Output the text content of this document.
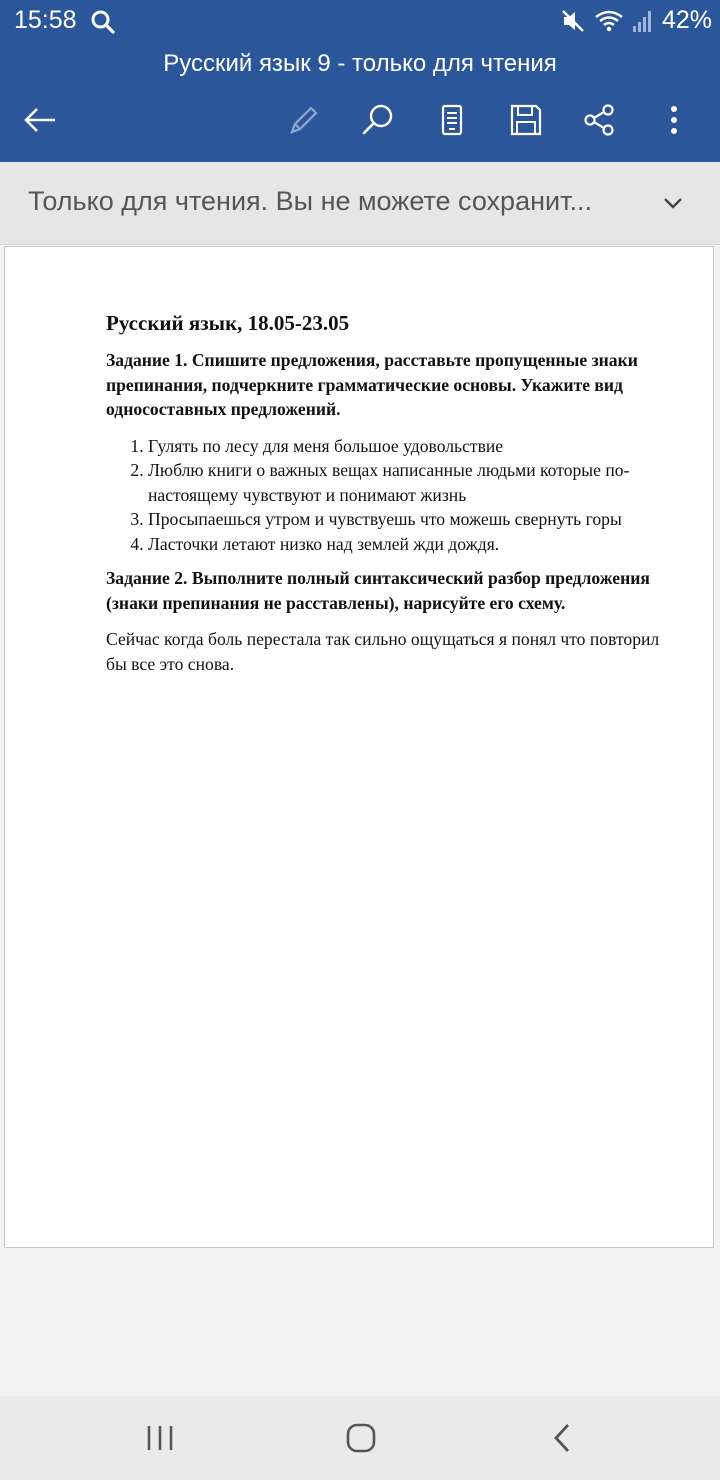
15:58	42%
Русский язык 9 - только для чтения
Только для чтения. Вы не можете сохранит...

Русский язык, 18.05-23.05

Задание 1. Спишите предложения, расставьте пропущенные знаки препинания, подчеркните грамматические основы. Укажите вид односоставных предложений.

1. Гулять по лесу для меня большое удовольствие
2. Люблю книги о важных вещах написанные людьми которые по-настоящему чувствуют и понимают жизнь
3. Просыпаешься утром и чувствуешь что можешь свернуть горы
4. Ласточки летают низко над землей жди дождя.

Задание 2. Выполните полный синтаксический разбор предложения (знаки препинания не расставлены), нарисуйте его схему.

Сейчас когда боль перестала так сильно ощущаться я понял что повторил бы все это снова.
